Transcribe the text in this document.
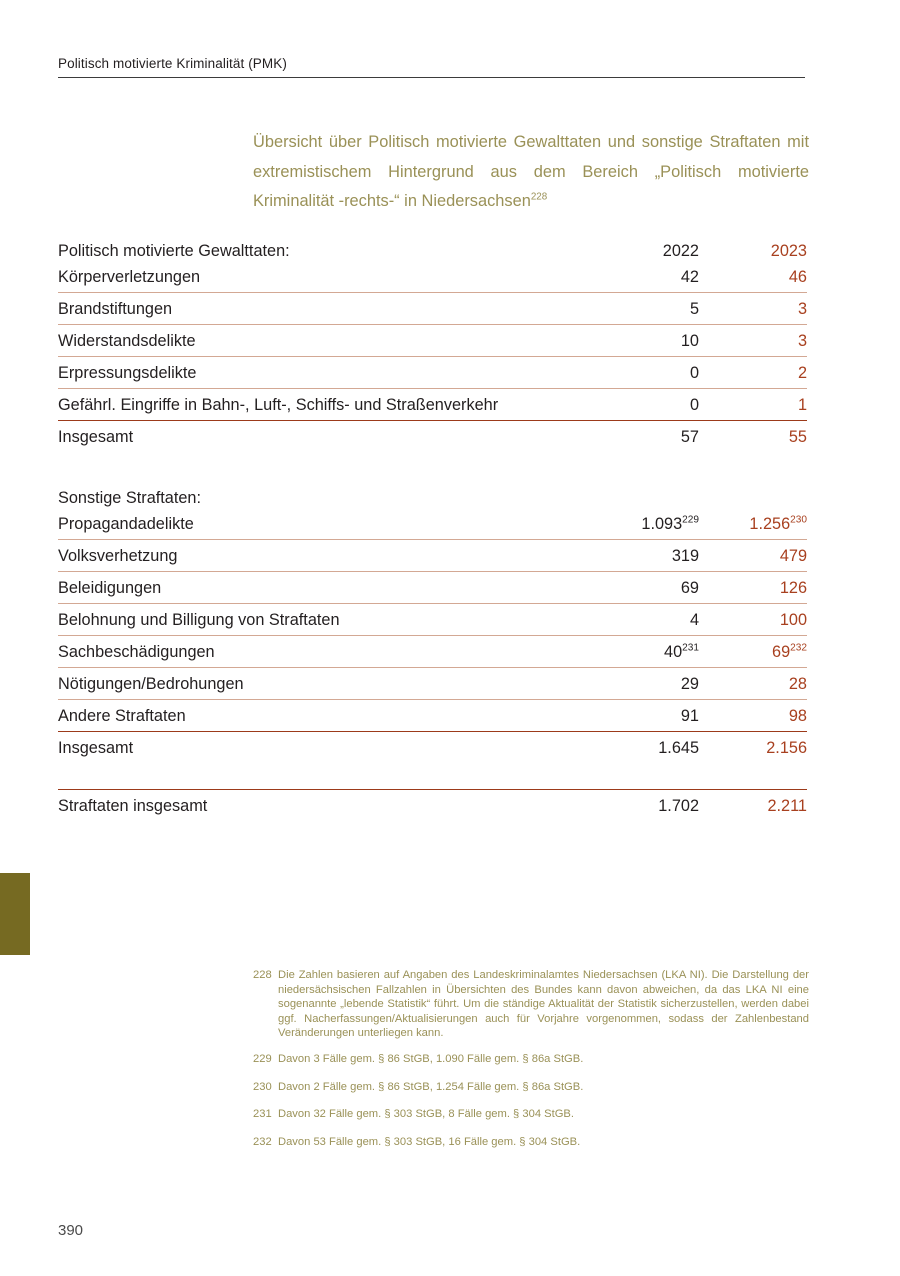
Politisch motivierte Kriminalität (PMK)
Übersicht über Politisch motivierte Gewalttaten und sonstige Straftaten mit extremistischem Hintergrund aus dem Bereich „Politisch motivierte Kriminalität -rechts-“ in Niedersachsen$^{228}$
Politisch motivierte Gewalttaten:	2022	2023
Körperverletzungen	42	46
Brandstiftungen	5	3
Widerstandsdelikte	10	3
Erpressungsdelikte	0	2
Gefährl. Eingriffe in Bahn-, Luft-, Schiffs- und Straßenverkehr	0	1
Insgesamt	57	55
Sonstige Straftaten:		
Propagandadelikte	1.093$^{229}$	1.256$^{230}$
Volksverhetzung	319	479
Beleidigungen	69	126
Belohnung und Billigung von Straftaten	4	100
Sachbeschädigungen	$40^{231}$	$69^{232}$
Nötigungen/Bedrohungen	29	28
Andere Straftaten	91	98
Insgesamt	1.645	2.156

Straftaten insgesamt	1.702	2.211
228 Die Zahlen basieren auf Angaben des Landeskriminalamtes Niedersachsen (LKA NI). Die Darstellung der niedersächsischen Fallzahlen in Übersichten des Bundes kann davon abweichen, da das LKA NI eine sogenannte „lebende Statistik“ führt. Um die ständige Aktualität der Statistik sicherzustellen, werden dabei ggf. Nacherfassungen/Aktualisierungen auch für Vorjahre vorgenommen, sodass der Zahlenbestand Veränderungen unterliegen kann.
229 Davon 3 Fälle gem. § 86 StGB, 1.090 Fälle gem. § 86a StGB.
230 Davon 2 Fälle gem. § 86 StGB, 1.254 Fälle gem. § 86a StGB.
231 Davon 32 Fälle gem. § 303 StGB, 8 Fälle gem. § 304 StGB.
232 Davon 53 Fälle gem. § 303 StGB, 16 Fälle gem. § 304 StGB.
390
